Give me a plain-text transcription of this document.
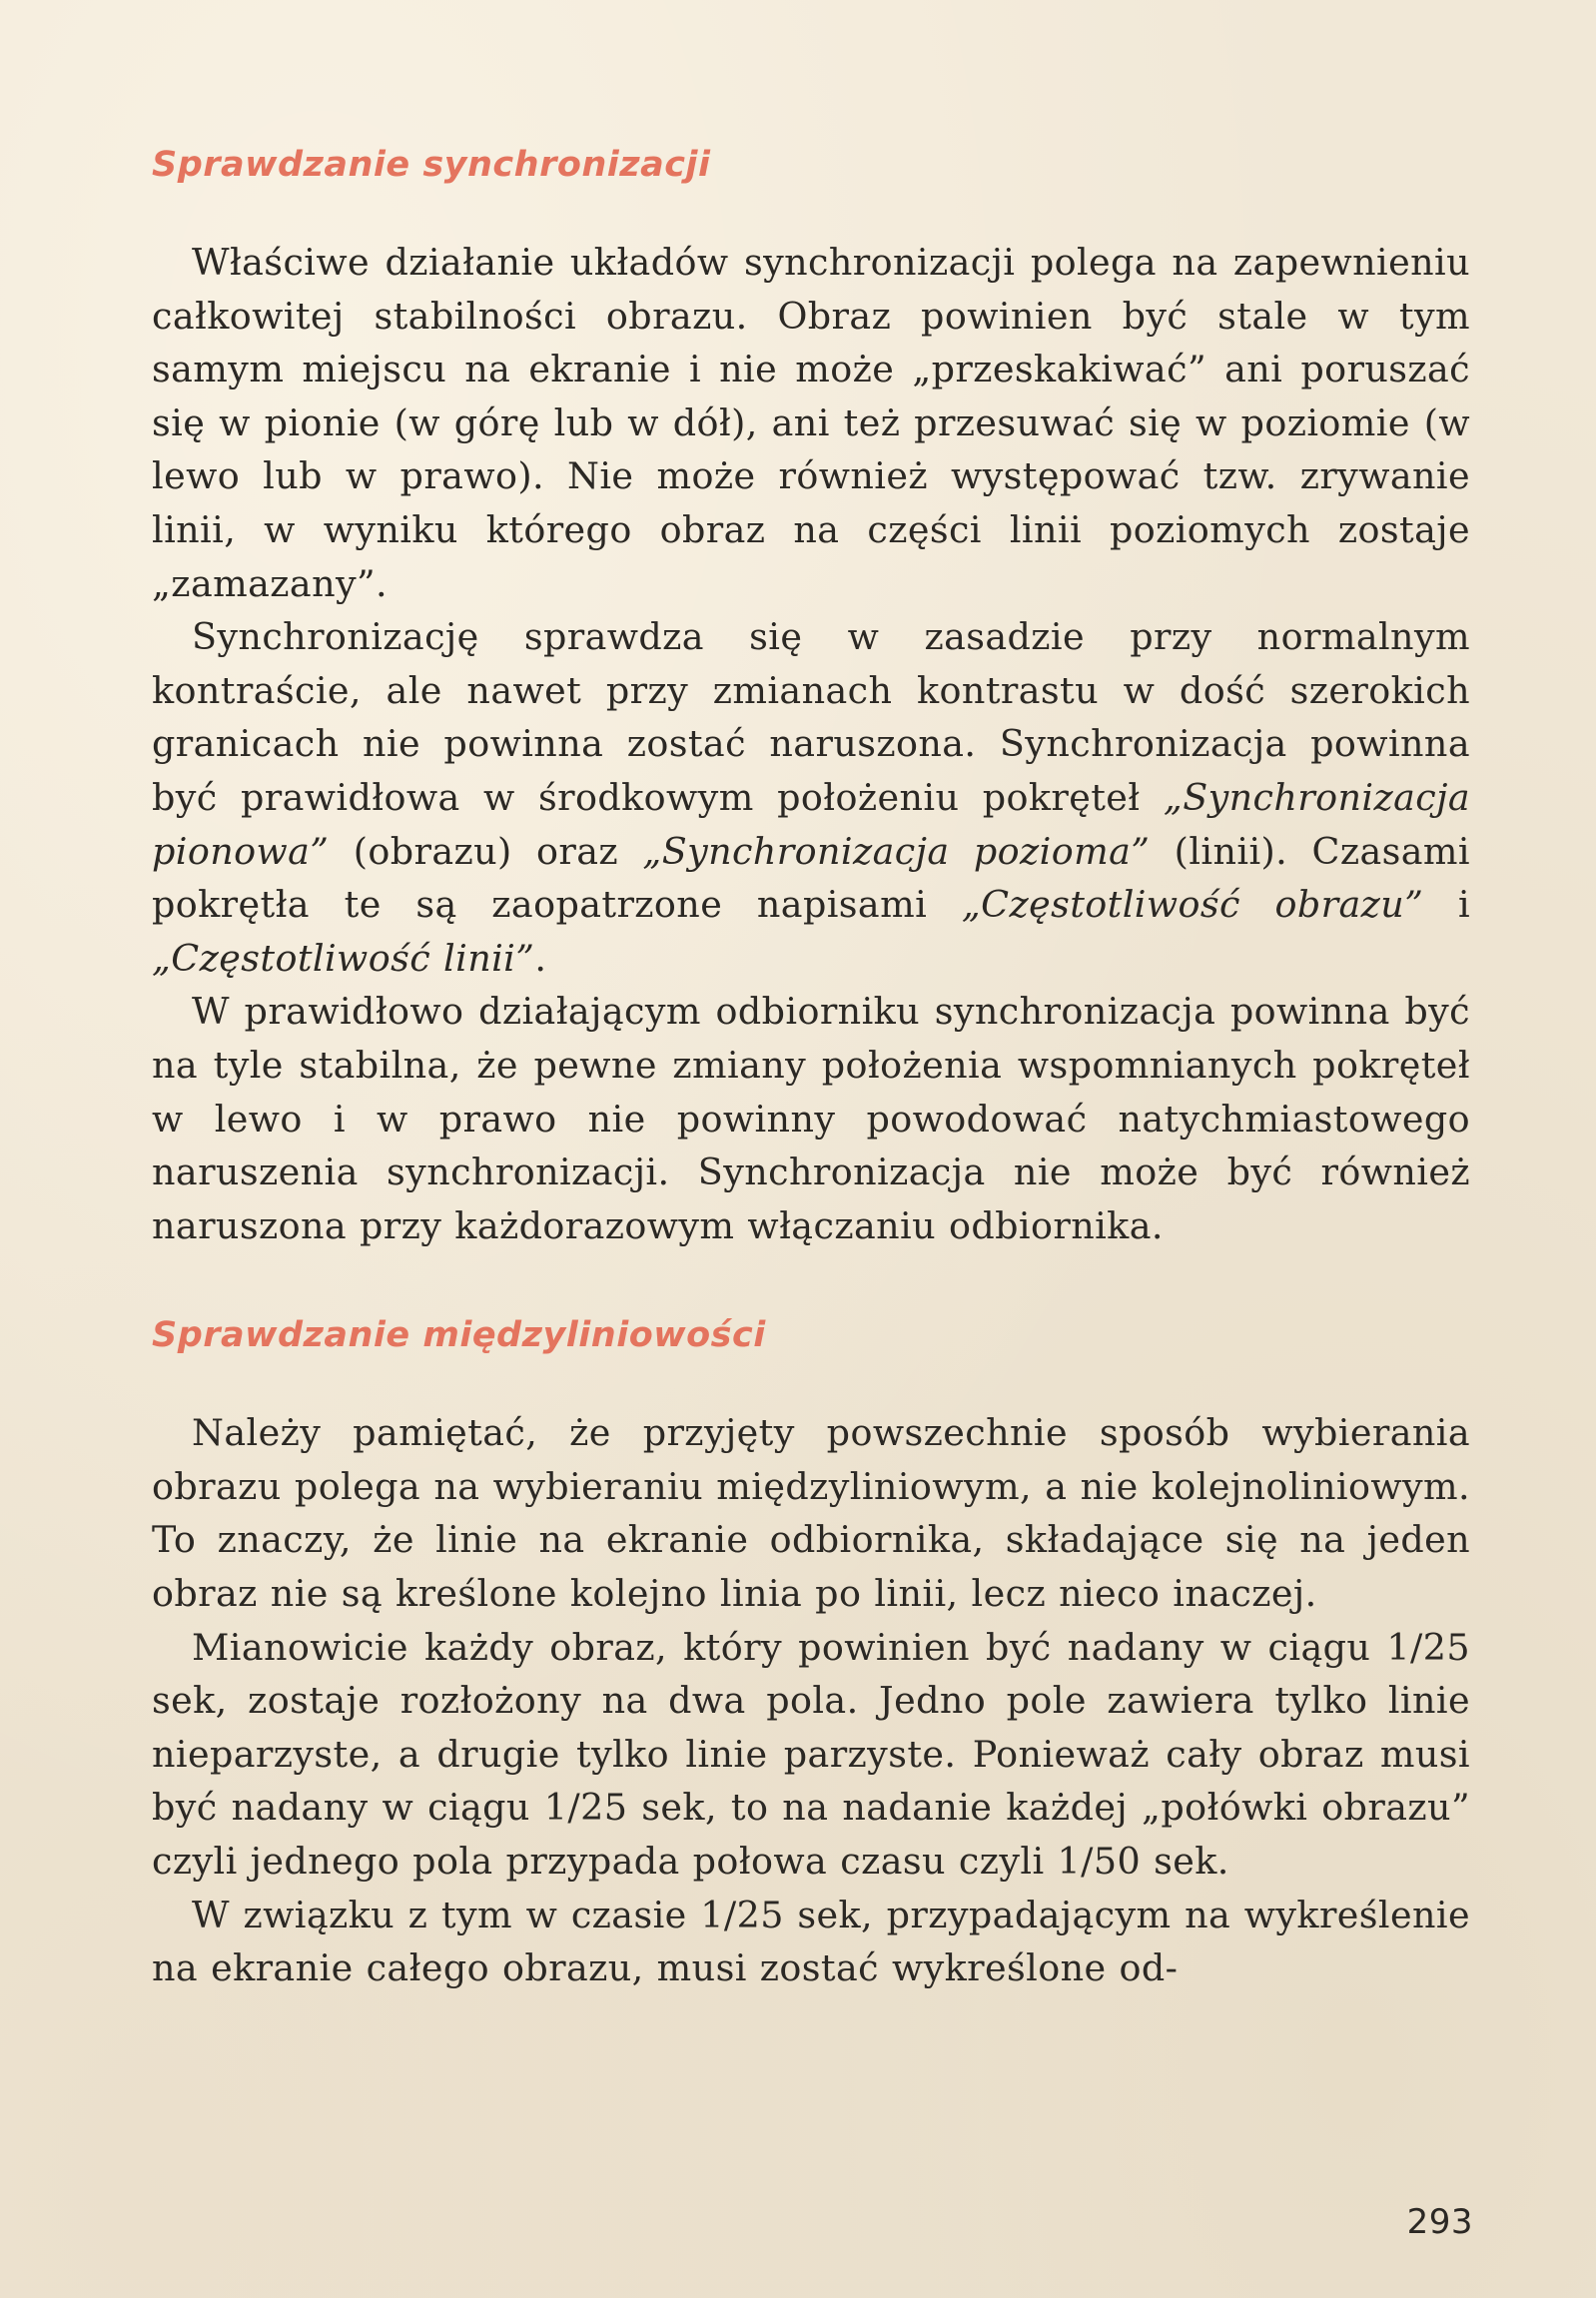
Sprawdzanie synchronizacji

Właściwe działanie układów synchronizacji polega na zapewnieniu całkowitej stabilności obrazu. Obraz powinien być stale w tym samym miejscu na ekranie i nie może „przeskakiwać” ani poruszać się w pionie (w górę lub w dół), ani też przesuwać się w poziomie (w lewo lub w prawo). Nie może również występować tzw. zrywanie linii, w wyniku którego obraz na części linii poziomych zostaje „zamazany”.

Synchronizację sprawdza się w zasadzie przy normalnym kontraście, ale nawet przy zmianach kontrastu w dość szerokich granicach nie powinna zostać naruszona. Synchronizacja powinna być prawidłowa w środkowym położeniu pokręteł „Synchronizacja pionowa” (obrazu) oraz „Synchronizacja pozioma” (linii). Czasami pokrętła te są zaopatrzone napisami „Częstotliwość obrazu” i „Częstotliwość linii”.

W prawidłowo działającym odbiorniku synchronizacja powinna być na tyle stabilna, że pewne zmiany położenia wspomnianych pokręteł w lewo i w prawo nie powinny powodować natychmiastowego naruszenia synchronizacji. Synchronizacja nie może być również naruszona przy każdorazowym włączaniu odbiornika.

Sprawdzanie międzyliniowości

Należy pamiętać, że przyjęty powszechnie sposób wybierania obrazu polega na wybieraniu międzyliniowym, a nie kolejnoliniowym. To znaczy, że linie na ekranie odbiornika, składające się na jeden obraz nie są kreślone kolejno linia po linii, lecz nieco inaczej.

Mianowicie każdy obraz, który powinien być nadany w ciągu 1/25 sek, zostaje rozłożony na dwa pola. Jedno pole zawiera tylko linie nieparzyste, a drugie tylko linie parzyste. Ponieważ cały obraz musi być nadany w ciągu 1/25 sek, to na nadanie każdej „połówki obrazu” czyli jednego pola przypada połowa czasu czyli 1/50 sek.

W związku z tym w czasie 1/25 sek, przypadającym na wykreślenie na ekranie całego obrazu, musi zostać wykreślone od-

293
